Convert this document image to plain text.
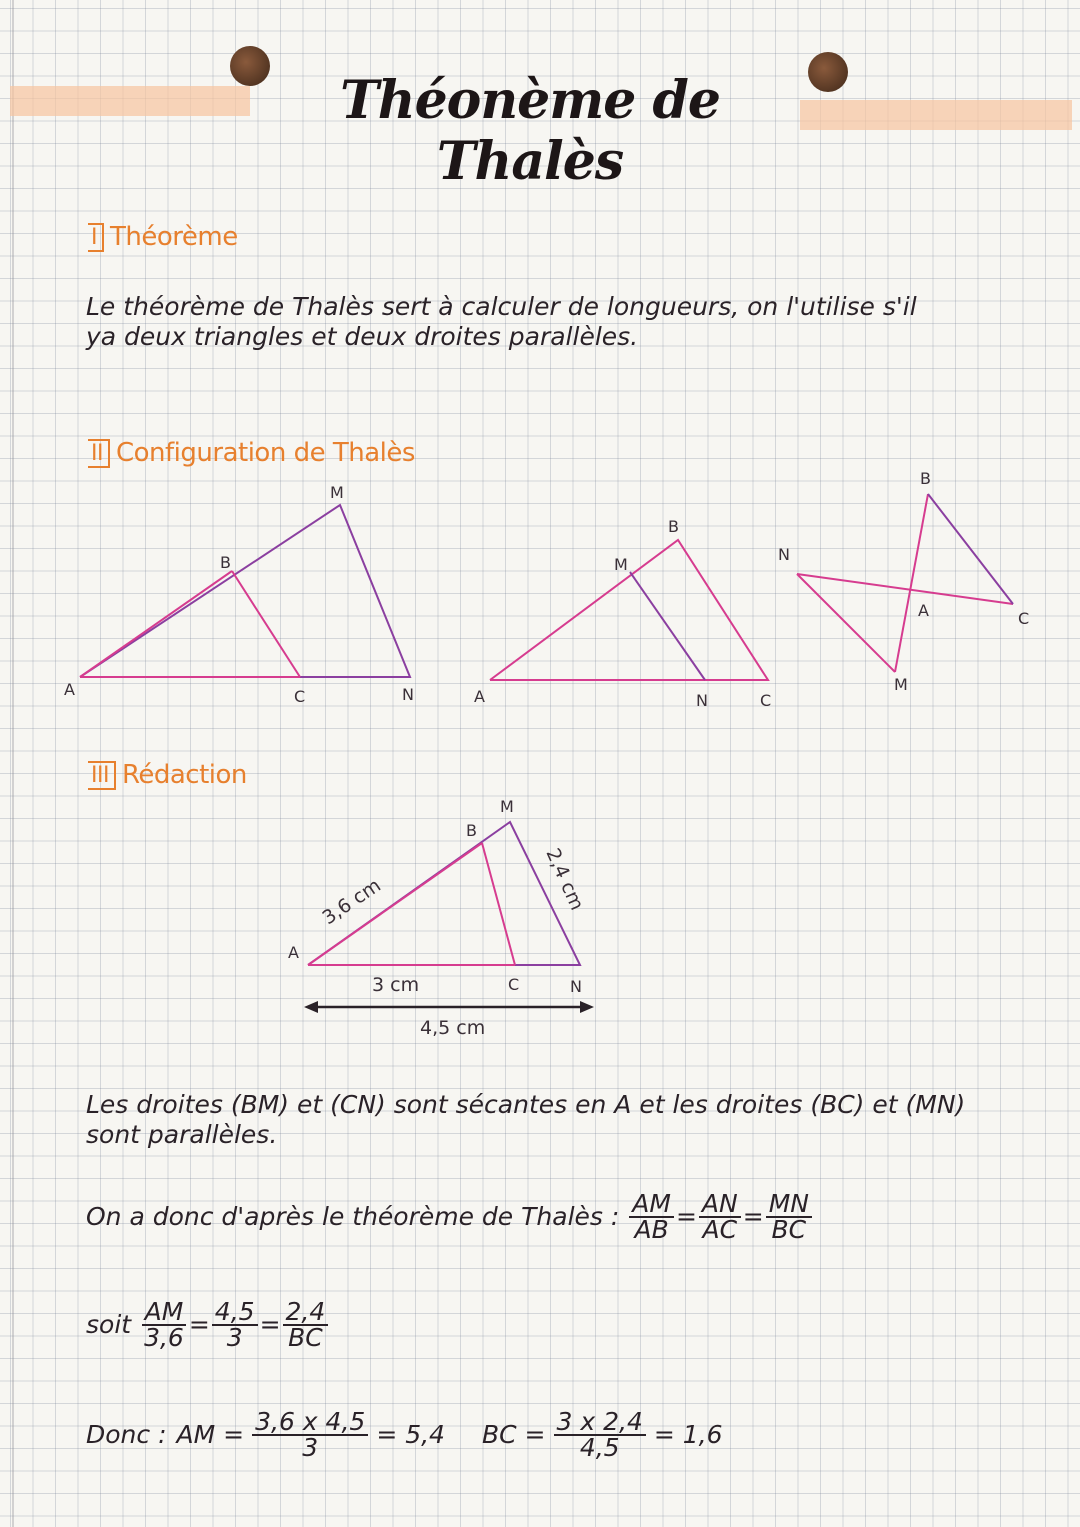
Théonème de Thalès
I Théorème
Le théorème de Thalès sert à calculer de longueurs, on l'utilise s'il
ya deux triangles et deux droites parallèles.
II Configuration de Thalès
III Rédaction
A
B
M
C	N	A
M
B
N	C
N
B
A	C
M
A
B
M
C	N
3,6 cm	2,4 cm
3 cm
4,5 cm
Les droites (BM) et (CN) sont sécantes en A et les droites (BC) et (MN)
sont parallèles.
On a donc d'après le théorème de Thalès : $\frac{AM}{AB} = \frac{AN}{AC} = \frac{MN}{BC}$
soit $\frac{AM}{3,6} = \frac{4,5}{3} = \frac{2,4}{BC}$
Donc : AM = $\frac{3,6 x 4,5}{3} = 5,4$ BC = $\frac{3 x 2,4}{4,5} = 1,6$
